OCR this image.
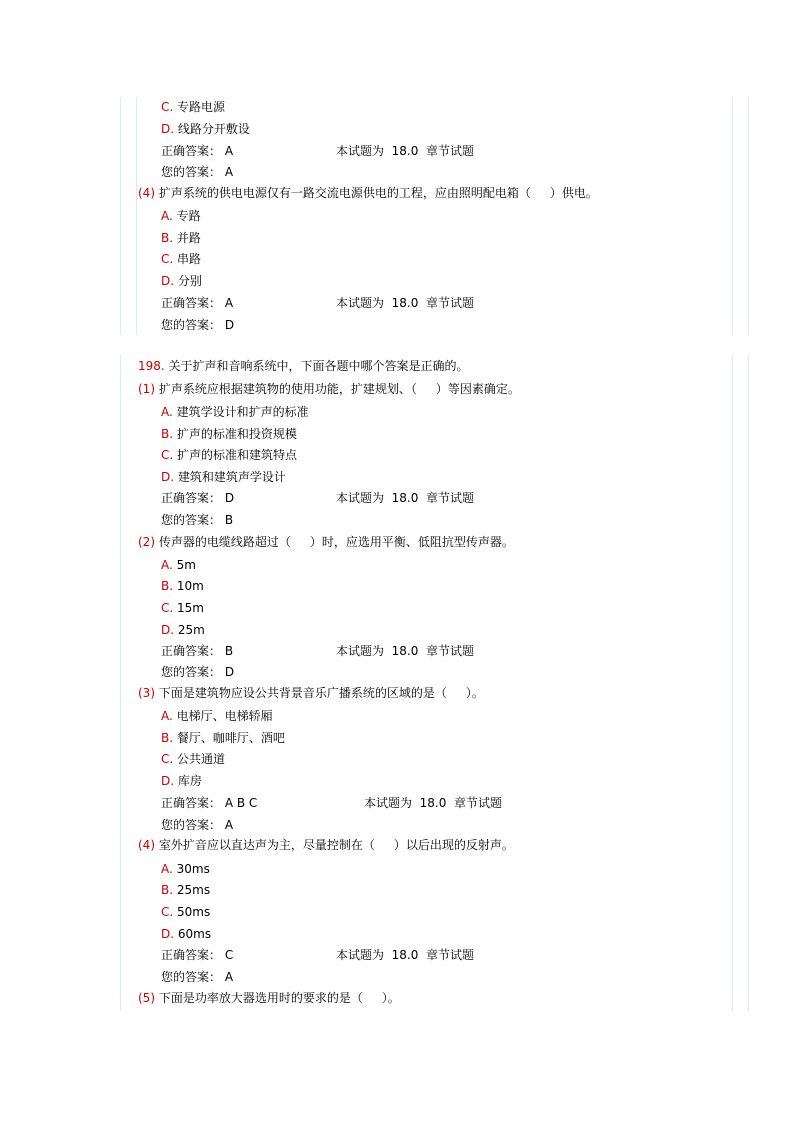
C. 专路电源
D. 线路分开敷设
正确答案： A	本试题为 18.0 章节试题
您的答案： A
(4) 扩声系统的供电电源仅有一路交流电源供电的工程，应由照明配电箱（     ）供电。
A. 专路
B. 并路
C. 串路
D. 分别
正确答案： A	本试题为 18.0 章节试题
您的答案： D
198. 关于扩声和音响系统中，下面各题中哪个答案是正确的。
(1) 扩声系统应根据建筑物的使用功能，扩建规划、（     ）等因素确定。
A. 建筑学设计和扩声的标准
B. 扩声的标准和投资规模
C. 扩声的标准和建筑特点
D. 建筑和建筑声学设计
正确答案： D	本试题为 18.0 章节试题
您的答案： B
(2) 传声器的电缆线路超过（     ）时，应选用平衡、低阻抗型传声器。
A. 5m
B. 10m
C. 15m
D. 25m
正确答案： B	本试题为 18.0 章节试题
您的答案： D
(3) 下面是建筑物应设公共背景音乐广播系统的区域的是（     ）。
A. 电梯厅、电梯轿厢
B. 餐厅、咖啡厅、酒吧
C. 公共通道
D. 库房
正确答案： A B C	本试题为 18.0 章节试题
您的答案： A
(4) 室外扩音应以直达声为主，尽量控制在（     ）以后出现的反射声。
A. 30ms
B. 25ms
C. 50ms
D. 60ms
正确答案： C	本试题为 18.0 章节试题
您的答案： A
(5) 下面是功率放大器选用时的要求的是（     ）。
